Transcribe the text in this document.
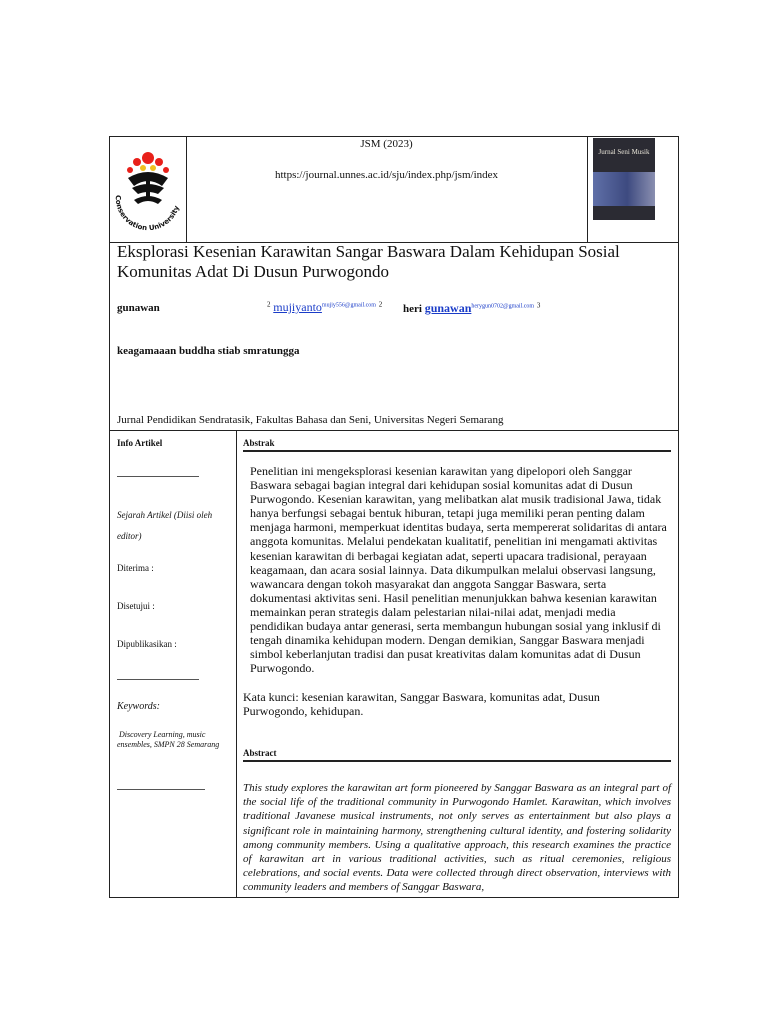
Conservation University
JSM (2023)
https://journal.unnes.ac.id/sju/index.php/jsm/index
Jurnal Seni Musik
Eksplorasi Kesenian Karawitan Sangar Baswara Dalam Kehidupan Sosial Komunitas Adat Di Dusun Purwogondo
gunawan	$^2$ mujiyanto$^{mujiy556@gmail.com}$ $^2$ heri gunawan$^{herygun0702@gmail.com}$ $^3$
keagamaaan buddha stiab smratungga
Jurnal Pendidikan Sendratasik, Fakultas Bahasa dan Seni, Universitas Negeri Semarang
Info Artikel
Sejarah Artikel (Diisi oleh editor)
Diterima :
Disetujui :
Dipublikasikan :
Keywords:
Discovery Learning, music ensembles, SMPN 28 Semarang
Abstrak
Penelitian ini mengeksplorasi kesenian karawitan yang dipelopori oleh Sanggar Baswara sebagai bagian integral dari kehidupan sosial komunitas adat di Dusun Purwogondo. Kesenian karawitan, yang melibatkan alat musik tradisional Jawa, tidak hanya berfungsi sebagai bentuk hiburan, tetapi juga memiliki peran penting dalam menjaga harmoni, memperkuat identitas budaya, serta mempererat solidaritas di antara anggota komunitas. Melalui pendekatan kualitatif, penelitian ini mengamati aktivitas kesenian karawitan di berbagai kegiatan adat, seperti upacara tradisional, perayaan keagamaan, dan acara sosial lainnya. Data dikumpulkan melalui observasi langsung, wawancara dengan tokoh masyarakat dan anggota Sanggar Baswara, serta dokumentasi aktivitas seni. Hasil penelitian menunjukkan bahwa kesenian karawitan memainkan peran strategis dalam pelestarian nilai-nilai adat, menjadi media pendidikan budaya antar generasi, serta membangun hubungan sosial yang inklusif di tengah dinamika kehidupan modern. Dengan demikian, Sanggar Baswara menjadi simbol keberlanjutan tradisi dan pusat kreativitas dalam komunitas adat di Dusun Purwogondo.
Kata kunci: kesenian karawitan, Sanggar Baswara, komunitas adat, Dusun Purwogondo, kehidupan.
Abstract
This study explores the karawitan art form pioneered by Sanggar Baswara as an integral part of the social life of the traditional community in Purwogondo Hamlet. Karawitan, which involves traditional Javanese musical instruments, not only serves as entertainment but also plays a significant role in maintaining harmony, strengthening cultural identity, and fostering solidarity among community members. Using a qualitative approach, this research examines the practice of karawitan art in various traditional activities, such as ritual ceremonies, religious celebrations, and social events. Data were collected through direct observation, interviews with community leaders and members of Sanggar Baswara,
